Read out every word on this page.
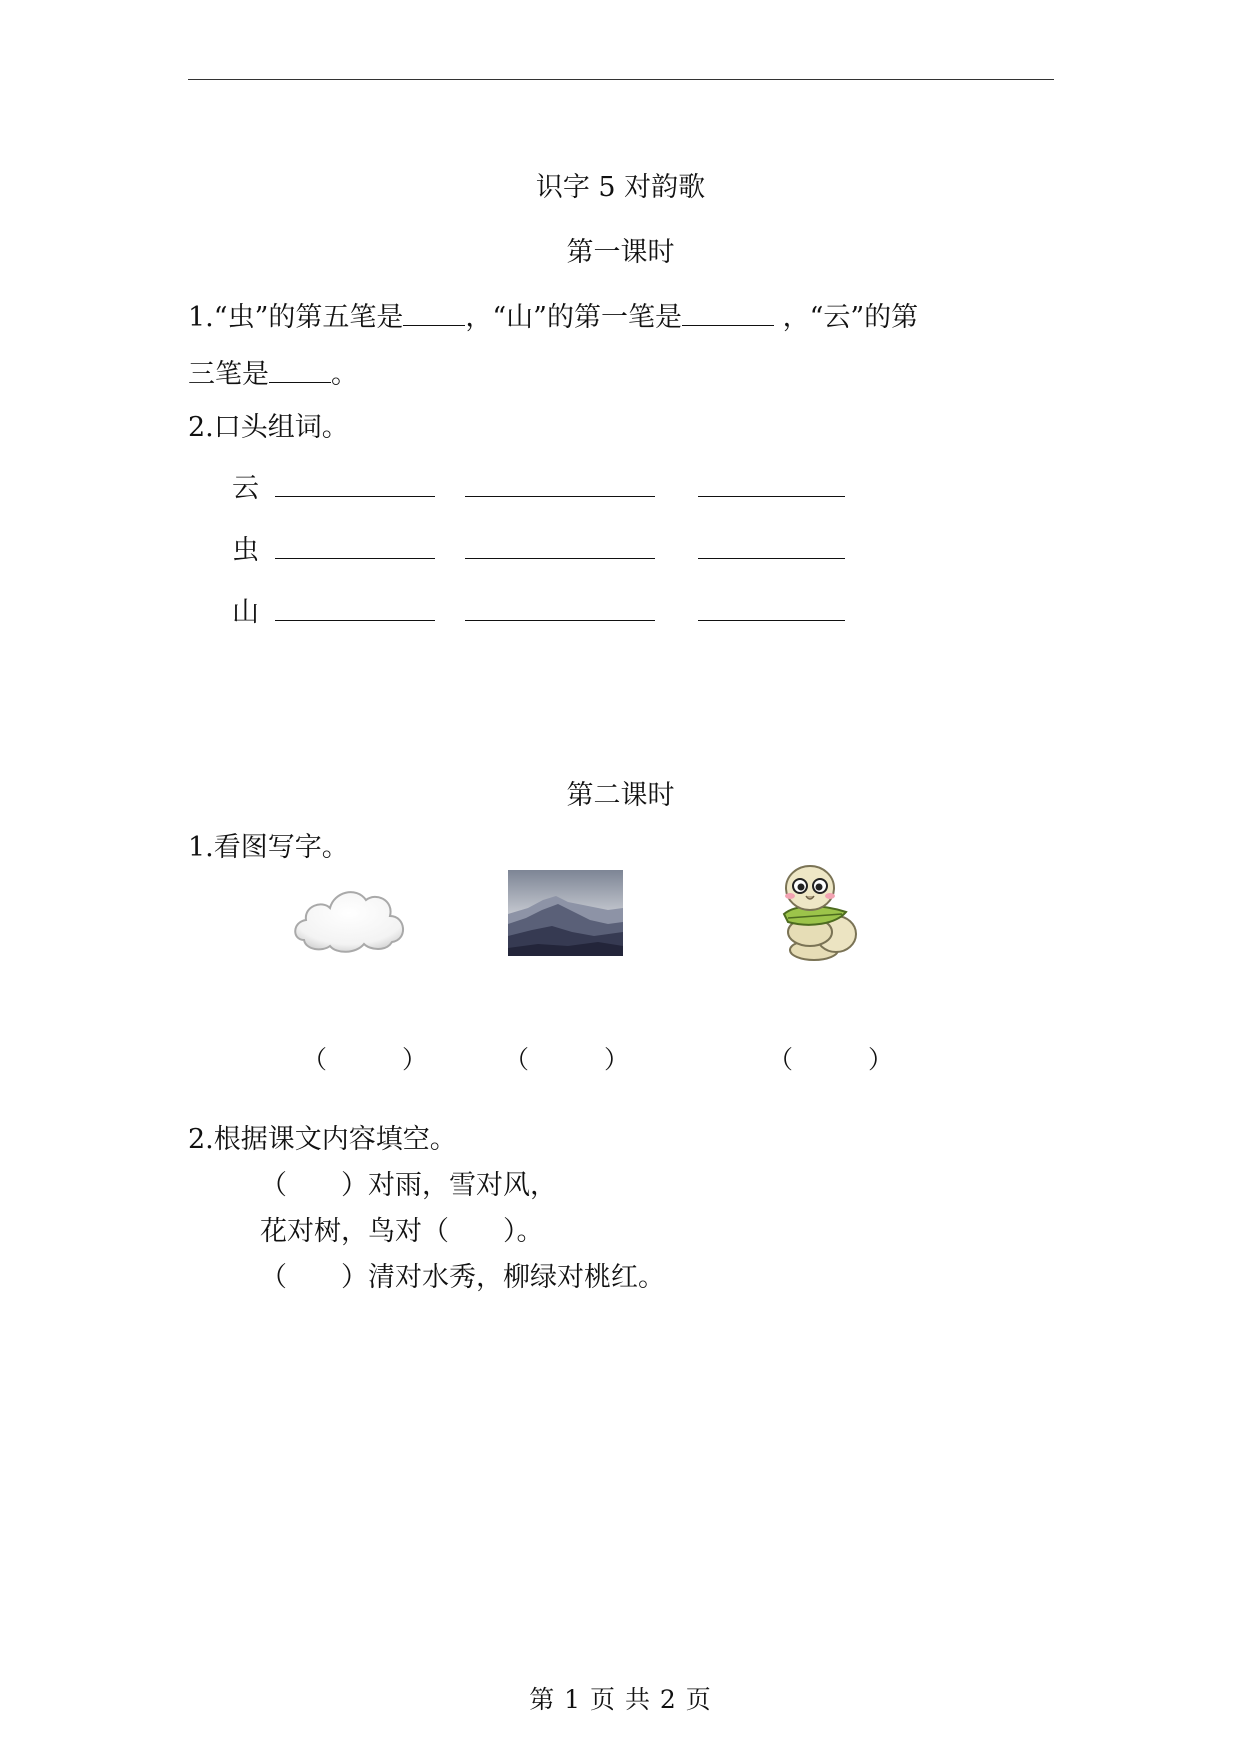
识字 5 对韵歌
第一课时
1.“虫”的第五笔是 ，“山”的第一笔是	，“云”的第
三笔是 。
2.口头组词。
云
虫
山
第二课时
1.看图写字。
（　　　）	（　　　）	（　　　）
2.根据课文内容填空。
（　　）对雨，雪对风，
花对树，鸟对（　　）。
（　　）清对水秀，柳绿对桃红。
第 1 页 共 2 页
